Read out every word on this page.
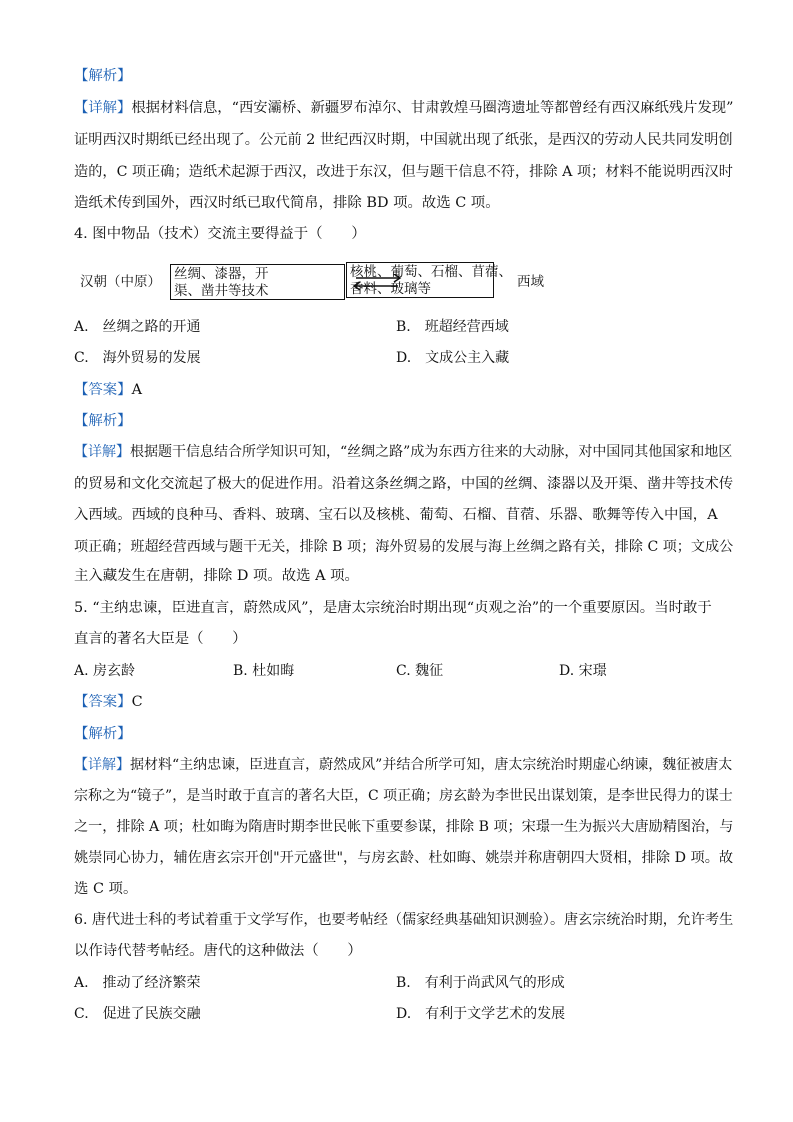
【解析】
【详解】根据材料信息，“西安灞桥、新疆罗布淖尔、甘肃敦煌马圈湾遗址等都曾经有西汉麻纸残片发现”
证明西汉时期纸已经出现了。公元前 2 世纪西汉时期，中国就出现了纸张，是西汉的劳动人民共同发明创
造的，C 项正确；造纸术起源于西汉，改进于东汉，但与题干信息不符，排除 A 项；材料不能说明西汉时
造纸术传到国外，西汉时纸已取代简帛，排除 BD 项。故选 C 项。
4. 图中物品（技术）交流主要得益于（　　）
汉朝（中原） 丝绸、漆器，开
渠、凿井等技术
核桃、葡萄、石榴、苜蓿、
香料、玻璃等	西域
A.　丝绸之路的开通	B.　班超经营西域
C.　海外贸易的发展	D.　文成公主入藏
【答案】A
【解析】
【详解】根据题干信息结合所学知识可知，“丝绸之路”成为东西方往来的大动脉，对中国同其他国家和地区
的贸易和文化交流起了极大的促进作用。沿着这条丝绸之路，中国的丝绸、漆器以及开渠、凿井等技术传
入西域。西域的良种马、香料、玻璃、宝石以及核桃、葡萄、石榴、苜蓿、乐器、歌舞等传入中国，A
项正确；班超经营西域与题干无关，排除 B 项；海外贸易的发展与海上丝绸之路有关，排除 C 项；文成公
主入藏发生在唐朝，排除 D 项。故选 A 项。
5. “主纳忠谏，臣进直言，蔚然成风”，是唐太宗统治时期出现“贞观之治”的一个重要原因。当时敢于
直言的著名大臣是（　　）
A. 房玄龄	B. 杜如晦	C. 魏征	D. 宋璟
【答案】C
【解析】
【详解】据材料“主纳忠谏，臣进直言，蔚然成风”并结合所学可知，唐太宗统治时期虚心纳谏，魏征被唐太
宗称之为“镜子”，是当时敢于直言的著名大臣，C 项正确；房玄龄为李世民出谋划策，是李世民得力的谋士
之一，排除 A 项；杜如晦为隋唐时期李世民帐下重要参谋，排除 B 项；宋璟一生为振兴大唐励精图治，与
姚崇同心协力，辅佐唐玄宗开创"开元盛世"，与房玄龄、杜如晦、姚崇并称唐朝四大贤相，排除 D 项。故
选 C 项。
6. 唐代进士科的考试着重于文学写作，也要考帖经（儒家经典基础知识测验）。唐玄宗统治时期，允许考生
以作诗代替考帖经。唐代的这种做法（　　）
A.　推动了经济繁荣	B.　有利于尚武风气的形成
C.　促进了民族交融	D.　有利于文学艺术的发展
